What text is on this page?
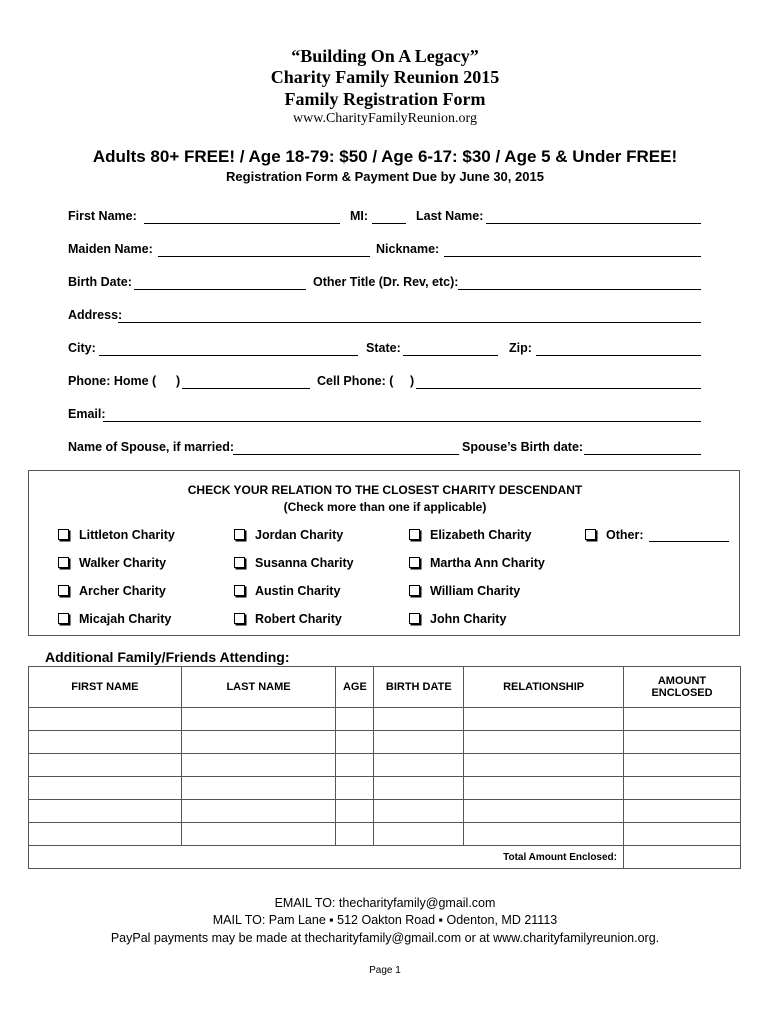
“Building On A Legacy”
Charity Family Reunion 2015
Family Registration Form
www.CharityFamilyReunion.org
Adults 80+ FREE! / Age 18-79: $50 / Age 6-17: $30 / Age 5 & Under FREE!
Registration Form & Payment Due by June 30, 2015
First Name:	MI:	Last Name:
Maiden Name:	Nickname:
Birth Date:	Other Title (Dr. Rev, etc):
Address:
City:	State:	Zip:
Phone: Home ( )	Cell Phone: ( )
Email:
Name of Spouse, if married:	Spouse’s Birth date:
CHECK YOUR RELATION TO THE CLOSEST CHARITY DESCENDANT
(Check more than one if applicable)
Littleton Charity	Jordan Charity	Elizabeth Charity	Other:
Walker Charity	Susanna Charity	Martha Ann Charity
Archer Charity	Austin Charity	William Charity
Micajah Charity	Robert Charity	John Charity
Additional Family/Friends Attending:
FIRST NAME	LAST NAME	AGE	BIRTH DATE	RELATIONSHIP	AMOUNT ENCLOSED

Total Amount Enclosed:					
EMAIL TO: thecharityfamily@gmail.com
MAIL TO: Pam Lane ▪ 512 Oakton Road ▪ Odenton, MD 21113
PayPal payments may be made at thecharityfamily@gmail.com or at www.charityfamilyreunion.org.
Page 1
